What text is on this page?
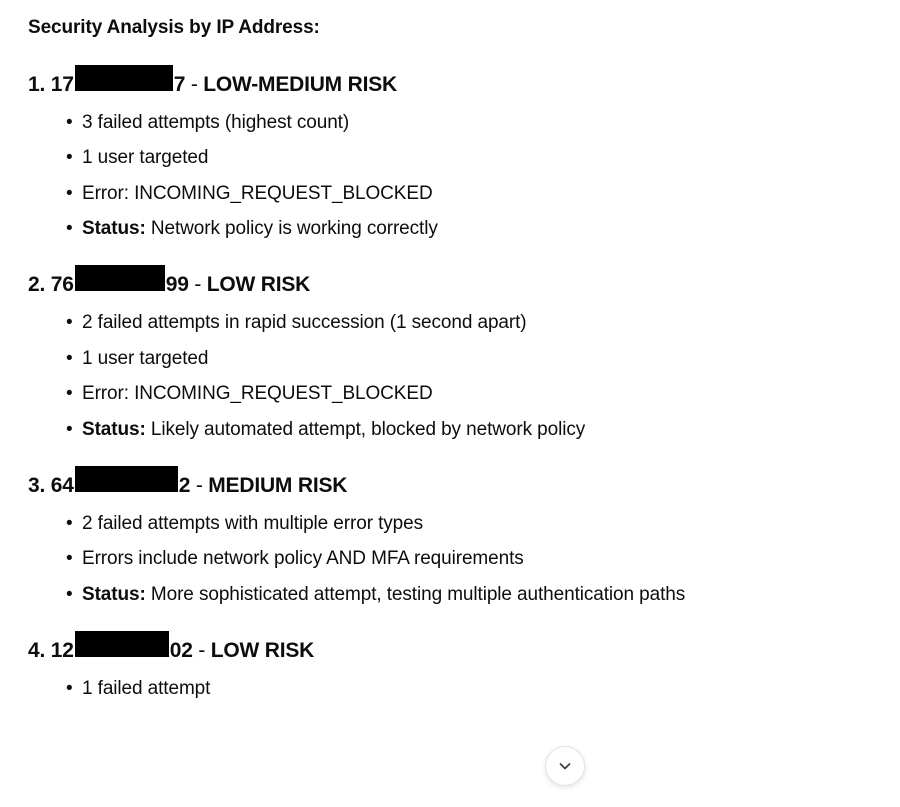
Security Analysis by IP Address:
1. 17	7 - LOW-MEDIUM RISK
• 3 failed attempts (highest count)
• 1 user targeted
• Error: INCOMING_REQUEST_BLOCKED
• Status: Network policy is working correctly
2. 76	99 - LOW RISK
• 2 failed attempts in rapid succession (1 second apart)
• 1 user targeted
• Error: INCOMING_REQUEST_BLOCKED
• Status: Likely automated attempt, blocked by network policy
3. 64	2 - MEDIUM RISK
• 2 failed attempts with multiple error types
• Errors include network policy AND MFA requirements
• Status: More sophisticated attempt, testing multiple authentication paths
4. 12	02 - LOW RISK
• 1 failed attempt
